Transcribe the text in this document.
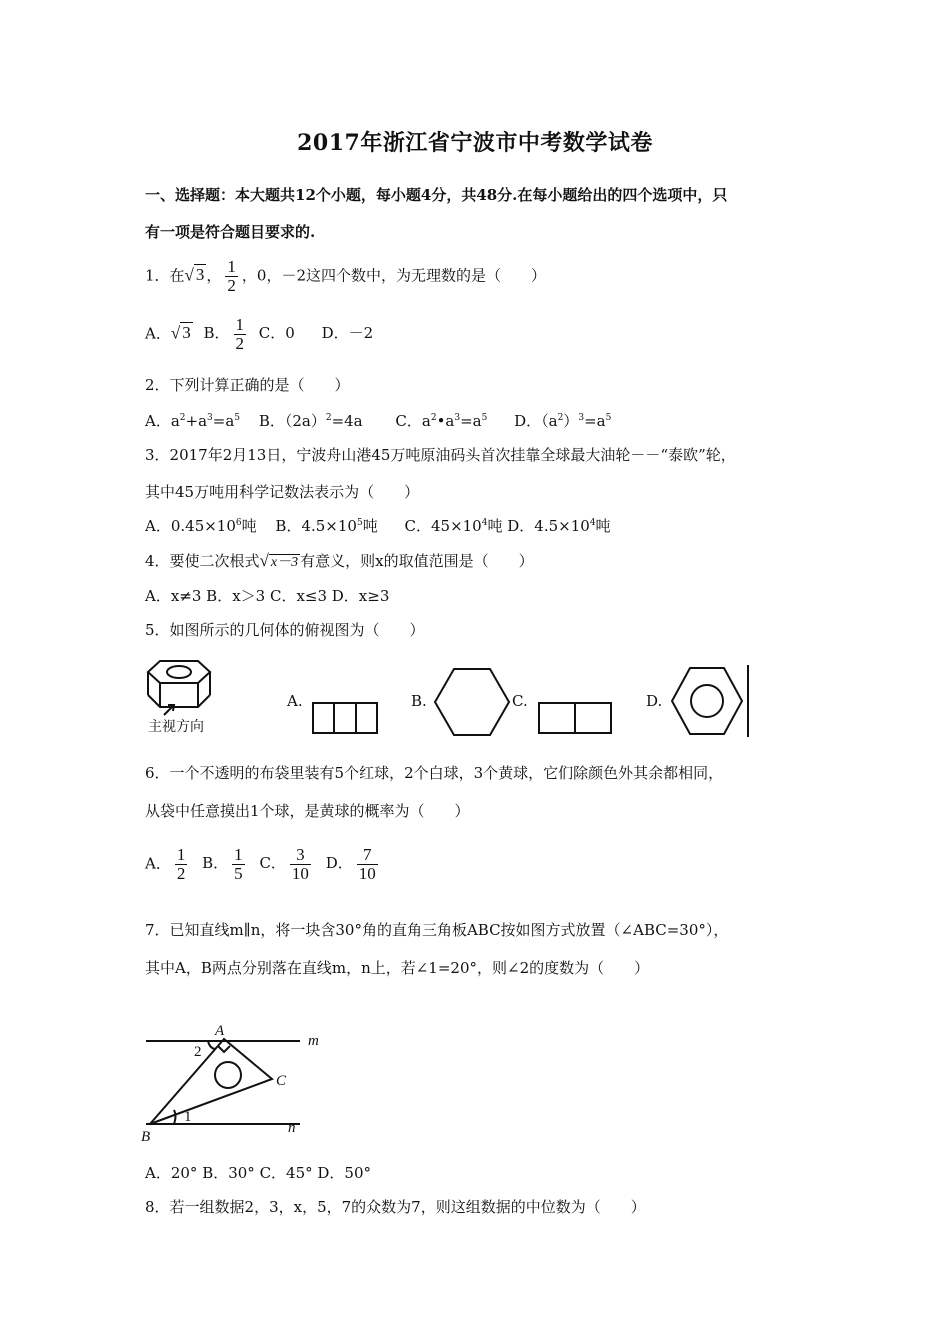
2017年浙江省宁波市中考数学试卷
一、选择题：本大题共12个小题，每小题4分，共48分.在每小题给出的四个选项中，只
有一项是符合题目要求的.
1．在√ 3 ， $\frac{1}{2}$ ，0，－2这四个数中，为无理数的是（　　）
A．√ 3 B． $\frac{1}{2}$ C．0 D．－2
2．下列计算正确的是（　　）
A．$a^2+a^3=a^5$ B．$(2a)^2=4a$ C．$a^2•a^3=a^5$ D．$(a^2)^3=a^5$
3．2017年2月13日，宁波舟山港45万吨原油码头首次挂靠全球最大油轮－－“泰欧”轮，
其中45万吨用科学记数法表示为（　　）
A．$0.45\times 10^6$吨 B．$4.5\times 10^5$吨 C．$45\times 10^4$吨 D．$4.5\times 10^4$吨
4．要使二次根式√ x－3 有意义，则x的取值范围是（　　）
A．x≠3 B．x＞3 C．x≤3 D．x≥3
5．如图所示的几何体的俯视图为（　　）
主视方向
A.	B.	C.	D.
6．一个不透明的布袋里装有5个红球，2个白球，3个黄球，它们除颜色外其余都相同，
从袋中任意摸出1个球，是黄球的概率为（　　）
A． $\frac{1}{2}$ B． $\frac{1}{5}$ C． $\frac{3}{10}$ D． $\frac{7}{10}$
7．已知直线m∥n，将一块含30°角的直角三角板ABC按如图方式放置（∠ABC=30°），
其中A，B两点分别落在直线m，n上，若∠1=20°，则∠2的度数为（　　）
A
B
C
m
n
1
2
A．20° B．30° C．45° D．50°
8．若一组数据2，3，x，5，7的众数为7，则这组数据的中位数为（　　）
